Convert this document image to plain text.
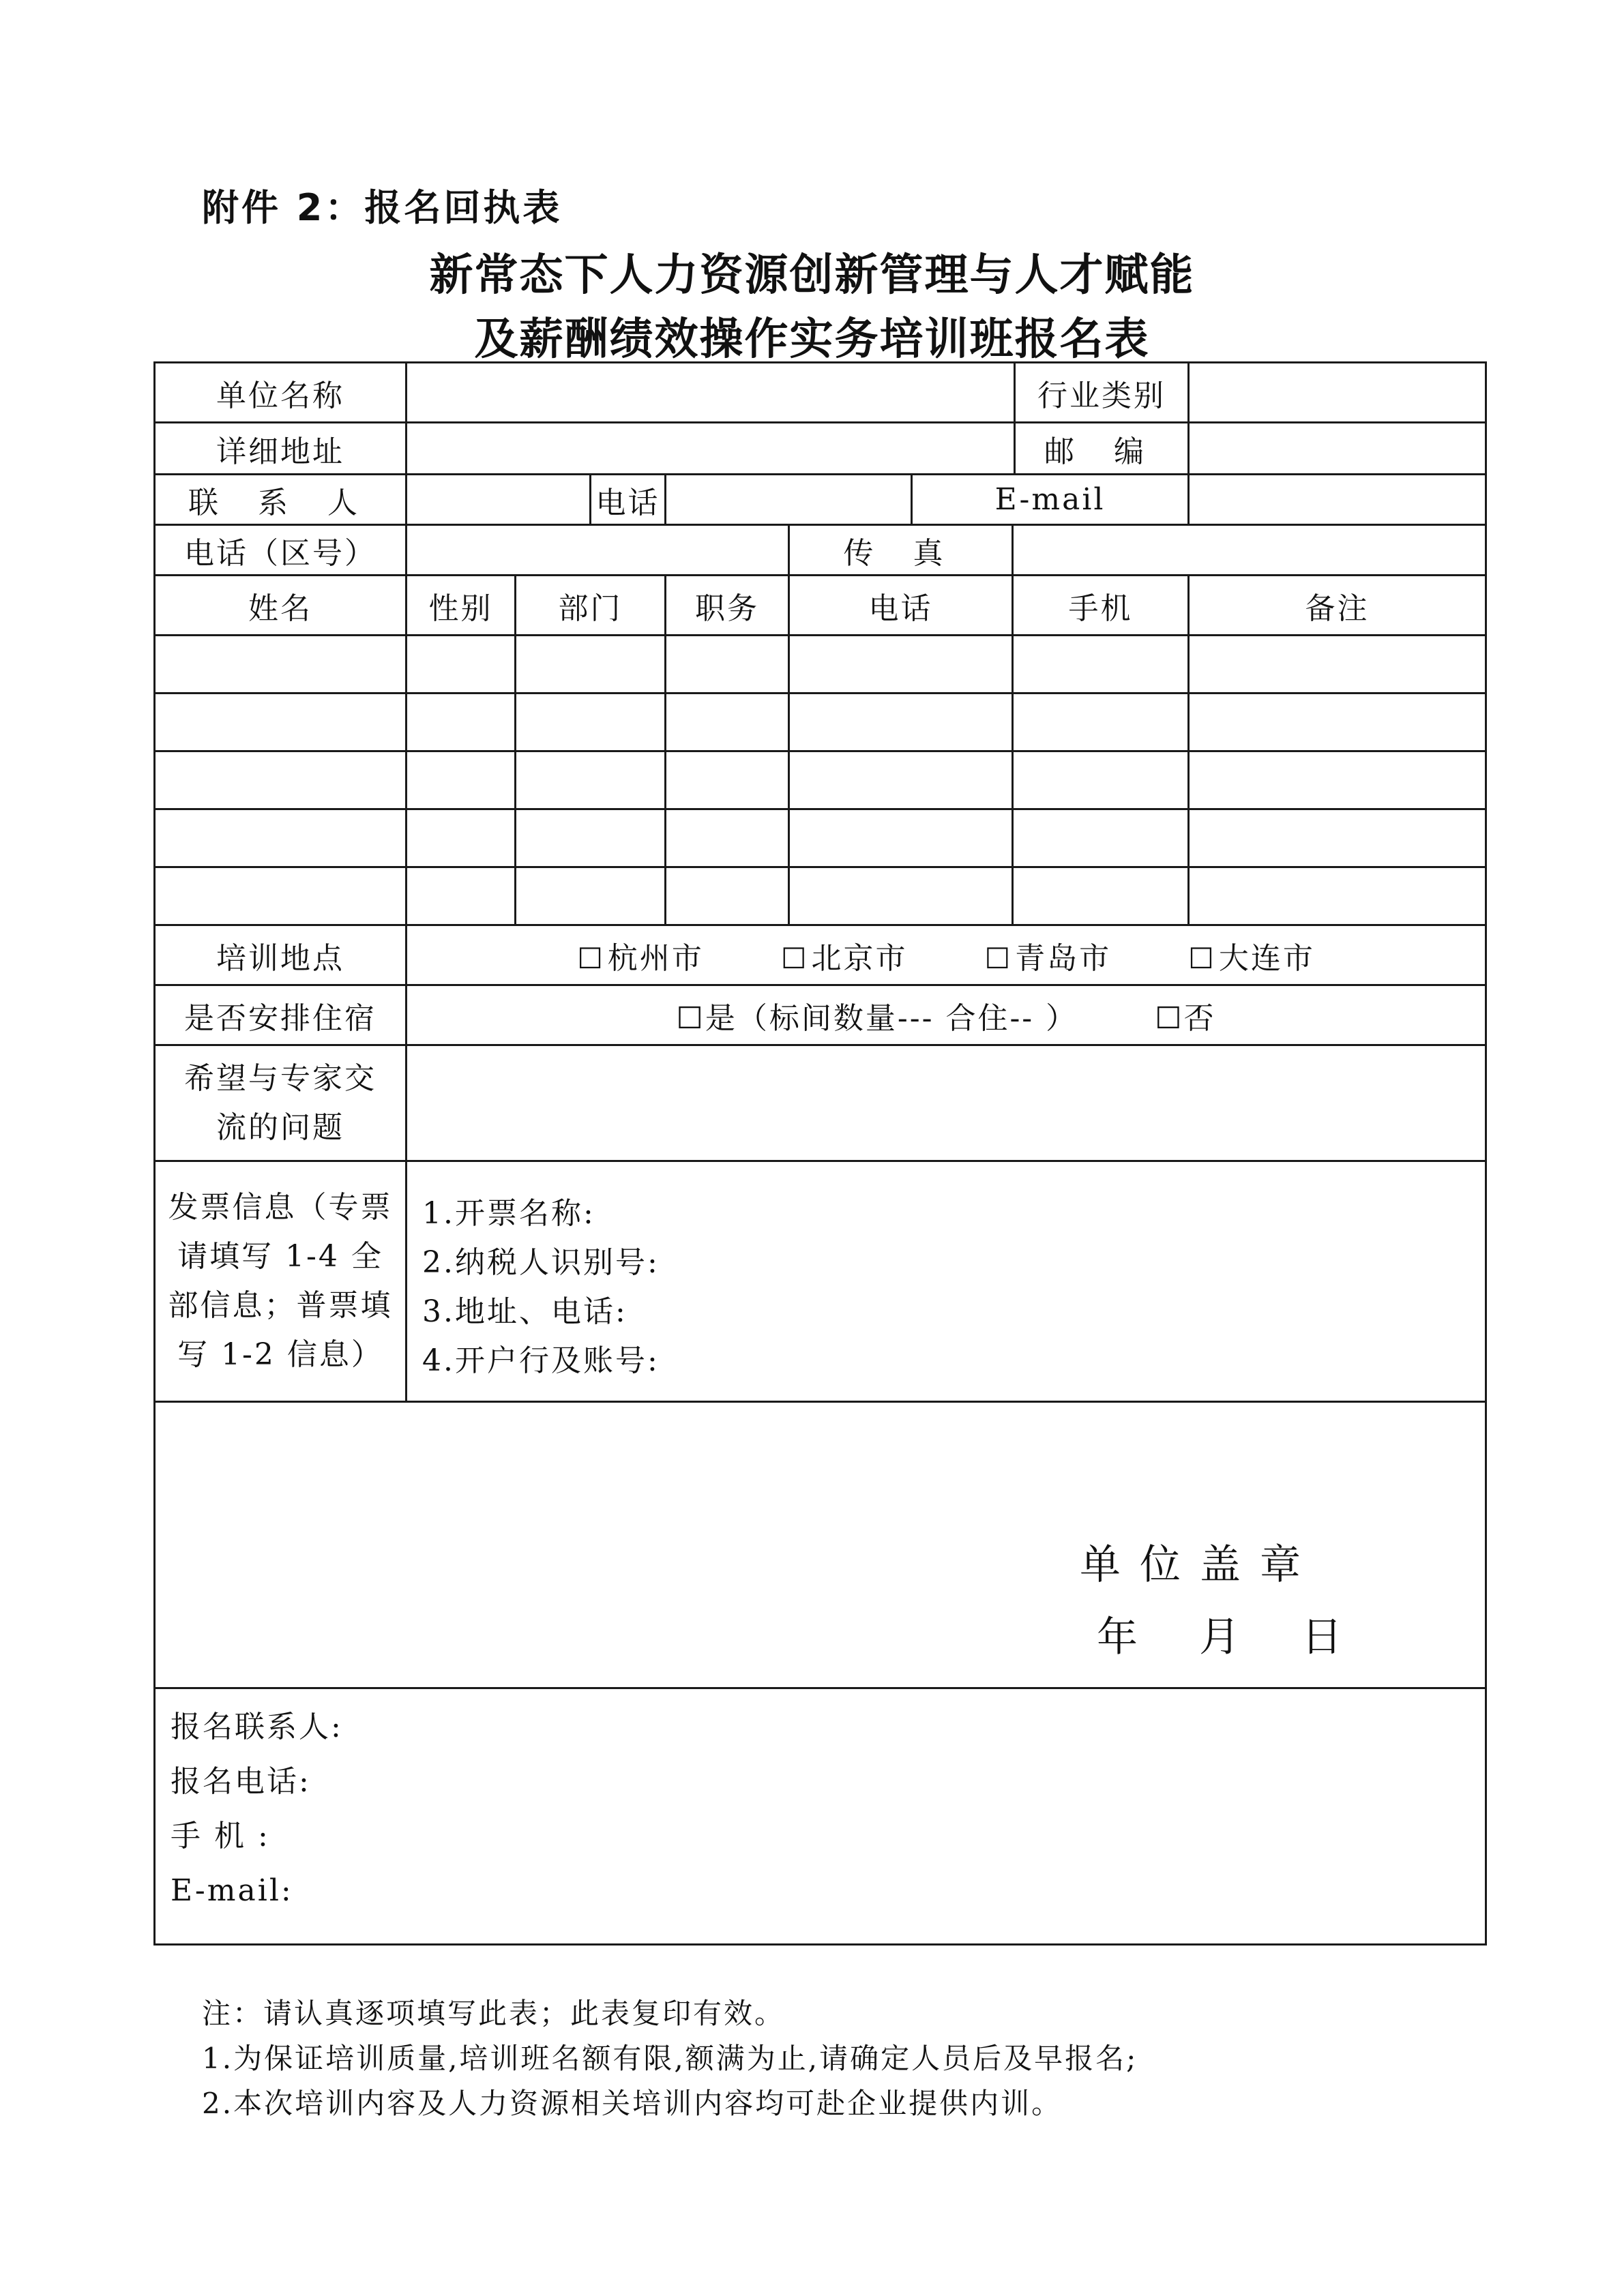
附件 2：报名回执表
新常态下人力资源创新管理与人才赋能
及薪酬绩效操作实务培训班报名表
单位名称								行业类别	
详细地址								邮 编	
联 系 人			电话			E-mail			
电话（区号）					传 真				
姓名	性别	部门		职务	电话		手机		备注

培训地点	☐杭州市 ☐北京市 ☐青岛市 ☐大连市								
是否安排住宿	☐是（标间数量--- 合住-- ） ☐否								

希望与专家交
流的问题									

发票信息（专票
请填写 1-4 全
部信息；普票填
写 1-2 信息）	1.开票名称:
2.纳税人识别号:
3.地址、电话:
4.开户行及账号:								

单位盖章
年 月 日									

报名联系人:
报名电话:
手 机 :
E-mail:									
注：请认真逐项填写此表；此表复印有效。
1.为保证培训质量,培训班名额有限,额满为止,请确定人员后及早报名;
2.本次培训内容及人力资源相关培训内容均可赴企业提供内训。
